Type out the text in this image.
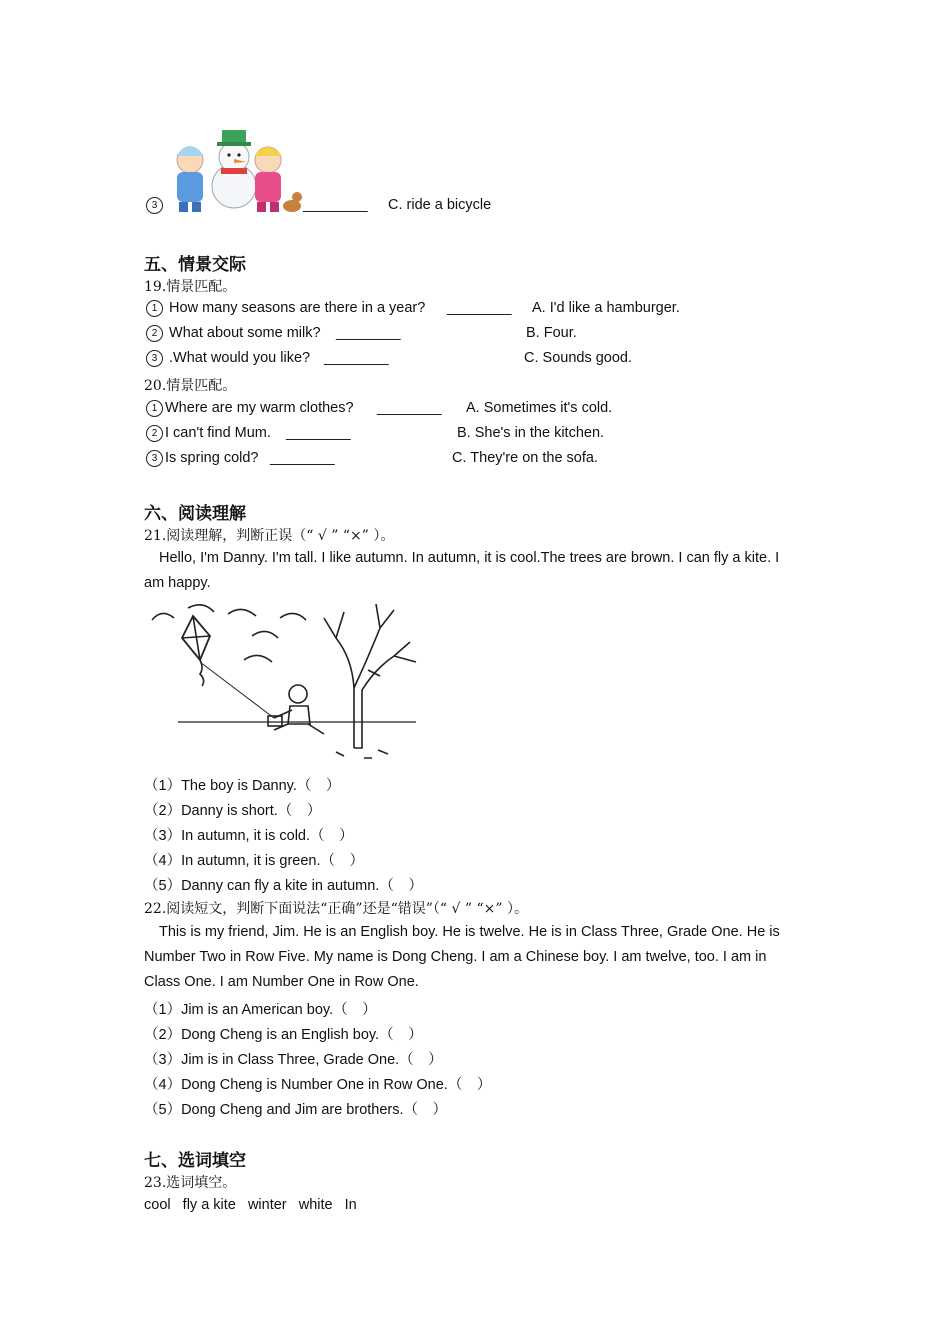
3	________ C. ride a bicycle
五、情景交际
19.情景匹配。
1 How many seasons are there in a year? ________ A. I'd like a hamburger.
2 What about some milk? ________	B. Four.
3 .What would you like? ________	C. Sounds good.
20.情景匹配。
1 Where are my warm clothes? ________ A. Sometimes it's cold.
2 I can't find Mum. ________	B. She's in the kitchen.
3 Is spring cold? ________	C. They're on the sofa.
六、阅读理解
21.阅读理解，判断正误（“ √ ” “×” ）。
Hello, I'm Danny. I'm tall. I like autumn. In autumn, it is cool.The trees are brown. I can fly a kite. I am happy.
（1）The boy is Danny.（　）
（2）Danny is short.（　）
（3）In autumn, it is cold.（　）
（4）In autumn, it is green.（　）
（5）Danny can fly a kite in autumn.（　）
22.阅读短文，判断下面说法“正确”还是“错误”（“ √ ” “×” ）。
This is my friend, Jim. He is an English boy. He is twelve. He is in Class Three, Grade One. He is Number Two in Row Five. My name is Dong Cheng. I am a Chinese boy. I am twelve, too. I am in Class One. I am Number One in Row One.
（1）Jim is an American boy.（　）
（2）Dong Cheng is an English boy.（　）
（3）Jim is in Class Three, Grade One.（　）
（4）Dong Cheng is Number One in Row One.（　）
（5）Dong Cheng and Jim are brothers.（　）
七、选词填空
23.选词填空。
cool   fly a kite   winter   white   In
